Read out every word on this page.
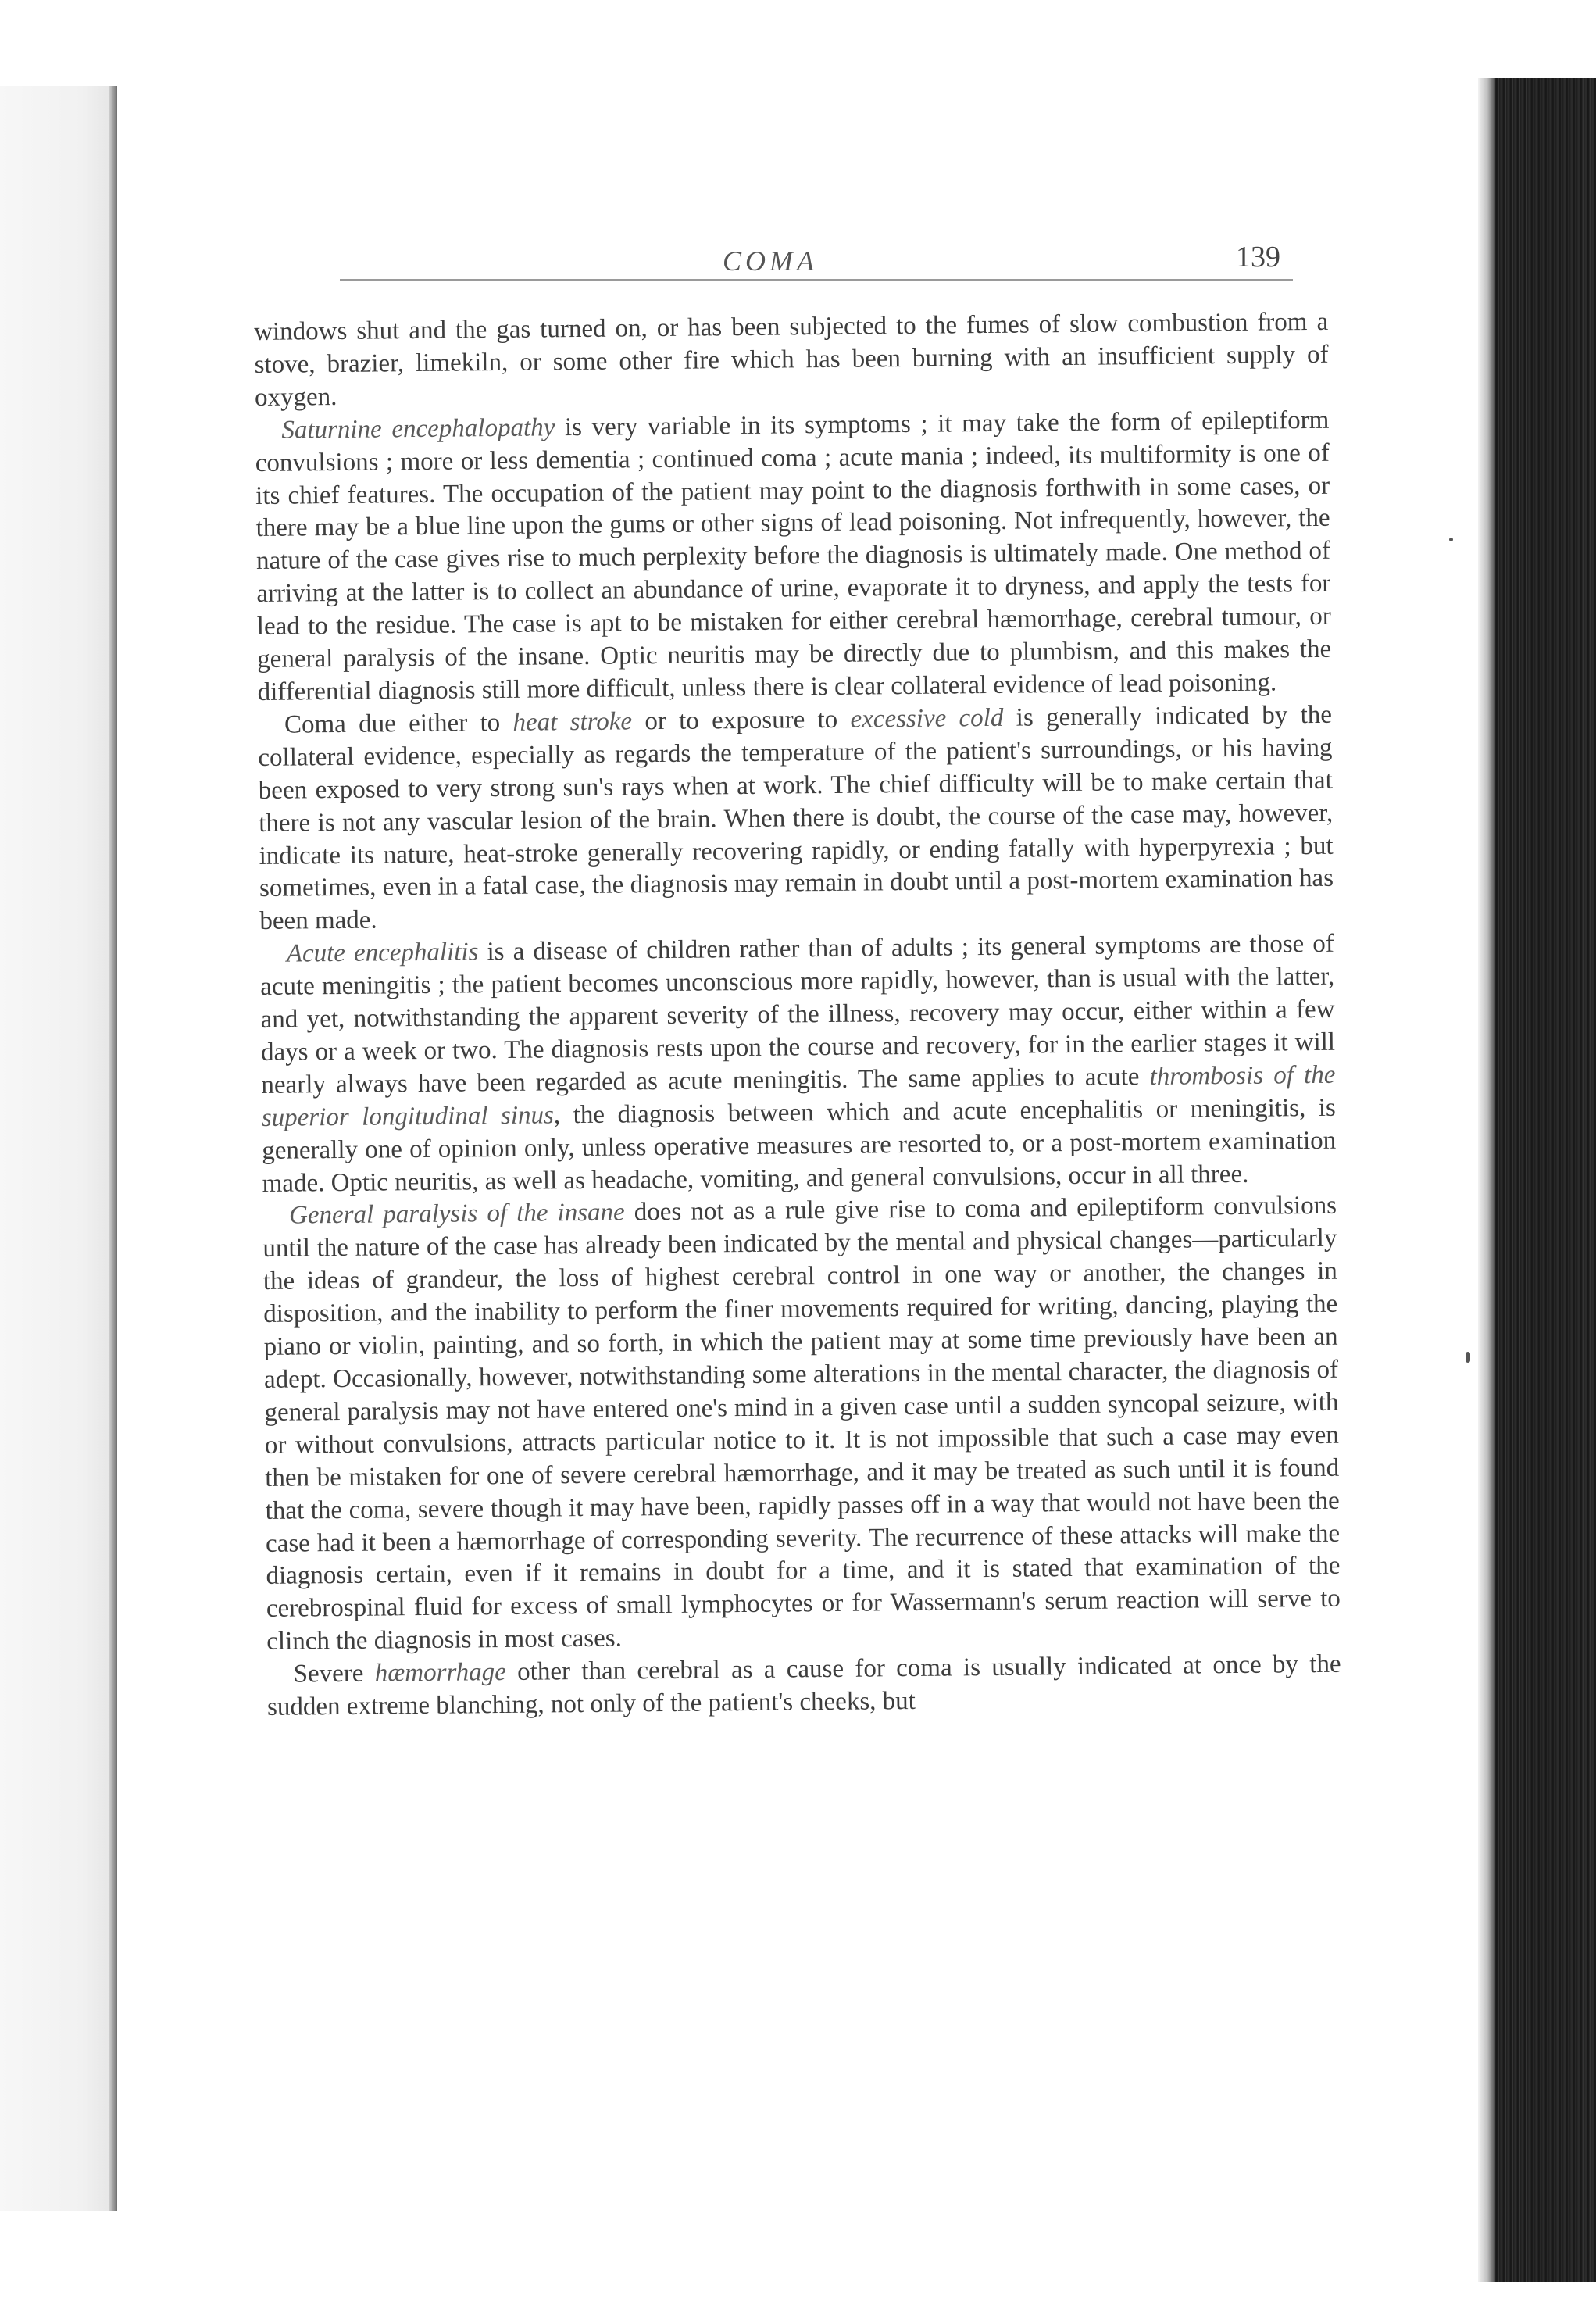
COMA	139

windows shut and the gas turned on, or has been subjected to the fumes of slow combustion from a stove, brazier, limekiln, or some other fire which has been burning with an insufficient supply of oxygen.

Saturnine encephalopathy is very variable in its symptoms ; it may take the form of epileptiform convulsions ; more or less dementia ; continued coma ; acute mania ; indeed, its multiformity is one of its chief features. The occupation of the patient may point to the diagnosis forthwith in some cases, or there may be a blue line upon the gums or other signs of lead poisoning. Not infrequently, however, the nature of the case gives rise to much perplexity before the diagnosis is ultimately made. One method of arriving at the latter is to collect an abundance of urine, evaporate it to dryness, and apply the tests for lead to the residue. The case is apt to be mistaken for either cerebral hæmorrhage, cerebral tumour, or general paralysis of the insane. Optic neuritis may be directly due to plumbism, and this makes the differential diagnosis still more difficult, unless there is clear collateral evidence of lead poisoning.

Coma due either to heat stroke or to exposure to excessive cold is generally indicated by the collateral evidence, especially as regards the temperature of the patient's surroundings, or his having been exposed to very strong sun's rays when at work. The chief difficulty will be to make certain that there is not any vascular lesion of the brain. When there is doubt, the course of the case may, however, indicate its nature, heat-stroke generally recovering rapidly, or ending fatally with hyperpyrexia ; but sometimes, even in a fatal case, the diagnosis may remain in doubt until a post-mortem examination has been made.

Acute encephalitis is a disease of children rather than of adults ; its general symptoms are those of acute meningitis ; the patient becomes unconscious more rapidly, however, than is usual with the latter, and yet, notwithstanding the apparent severity of the illness, recovery may occur, either within a few days or a week or two. The diagnosis rests upon the course and recovery, for in the earlier stages it will nearly always have been regarded as acute meningitis. The same applies to acute thrombosis of the superior longitudinal sinus, the diagnosis between which and acute encephalitis or meningitis, is generally one of opinion only, unless operative measures are resorted to, or a post-mortem examination made. Optic neuritis, as well as headache, vomiting, and general convulsions, occur in all three.

General paralysis of the insane does not as a rule give rise to coma and epileptiform convulsions until the nature of the case has already been indicated by the mental and physical changes—particularly the ideas of grandeur, the loss of highest cerebral control in one way or another, the changes in disposition, and the inability to perform the finer movements required for writing, dancing, playing the piano or violin, painting, and so forth, in which the patient may at some time previously have been an adept. Occasionally, however, notwithstanding some alterations in the mental character, the diagnosis of general paralysis may not have entered one's mind in a given case until a sudden syncopal seizure, with or without convulsions, attracts particular notice to it. It is not impossible that such a case may even then be mistaken for one of severe cerebral hæmorrhage, and it may be treated as such until it is found that the coma, severe though it may have been, rapidly passes off in a way that would not have been the case had it been a hæmorrhage of corresponding severity. The recurrence of these attacks will make the diagnosis certain, even if it remains in doubt for a time, and it is stated that examination of the cerebrospinal fluid for excess of small lymphocytes or for Wassermann's serum reaction will serve to clinch the diagnosis in most cases.

Severe hæmorrhage other than cerebral as a cause for coma is usually indicated at once by the sudden extreme blanching, not only of the patient's cheeks, but
